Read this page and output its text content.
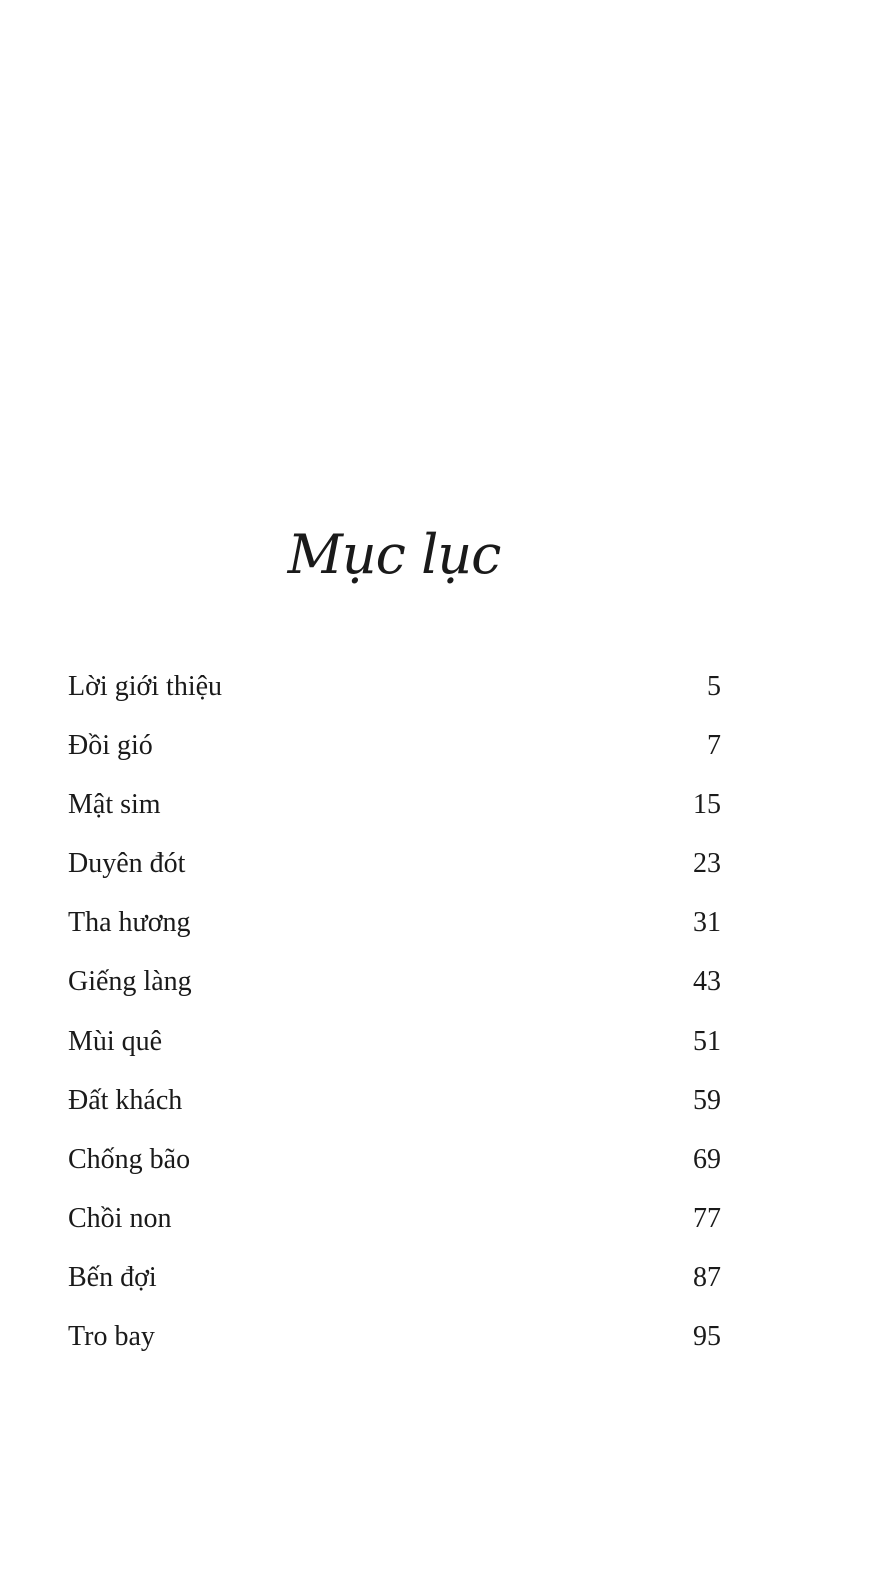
Mục lục
Lời giới thiệu	5
Đồi gió	7
Mật sim	15
Duyên đót	23
Tha hương	31
Giếng làng	43
Mùi quê	51
Đất khách	59
Chống bão	69
Chồi non	77
Bến đợi	87
Tro bay	95
